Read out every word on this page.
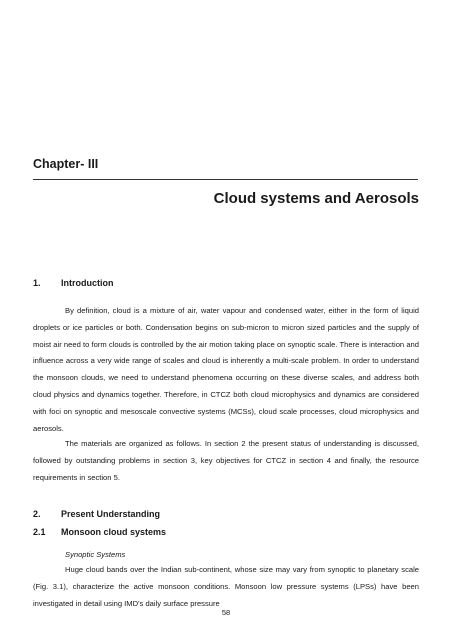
Chapter- III
Cloud systems and Aerosols
1. Introduction

By definition, cloud is a mixture of air, water vapour and condensed water, either in the form of liquid droplets or ice particles or both. Condensation begins on sub-micron to micron sized particles and the supply of moist air need to form clouds is controlled by the air motion taking place on synoptic scale. There is interaction and influence across a very wide range of scales and cloud is inherently a multi-scale problem. In order to understand the monsoon clouds, we need to understand phenomena occurring on these diverse scales, and address both cloud physics and dynamics together. Therefore, in CTCZ both cloud microphysics and dynamics are considered with foci on synoptic and mesoscale convective systems (MCSs), cloud scale processes, cloud microphysics and aerosols.

The materials are organized as follows. In section 2 the present status of understanding is discussed, followed by outstanding problems in section 3, key objectives for CTCZ in section 4 and finally, the resource requirements in section 5.

2. Present Understanding
2.1 Monsoon cloud systems
Synoptic Systems

Huge cloud bands over the Indian sub-continent, whose size may vary from synoptic to planetary scale (Fig. 3.1), characterize the active monsoon conditions. Monsoon low pressure systems (LPSs) have been investigated in detail using IMD's daily surface pressure

58
